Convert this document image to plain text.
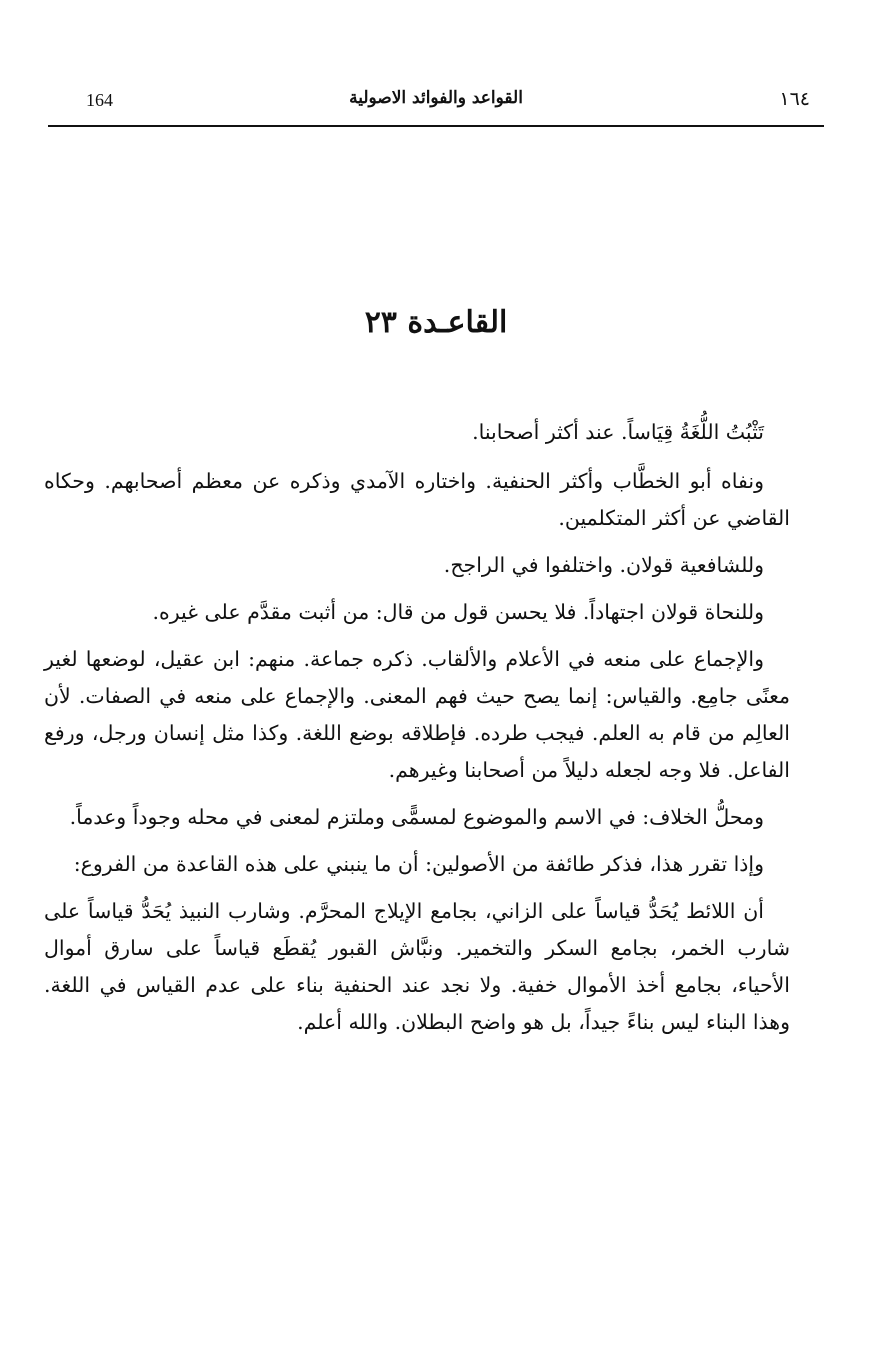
164	القواعد والفوائد الاصولية	١٦٤
القاعـدة ٢٣

تَثْبُتُ اللُّغَةُ قِيَاساً. عند أكثر أصحابنا.

ونفاه أبو الخطَّاب وأكثر الحنفية. واختاره الآمدي وذكره عن معظم أصحابهم. وحكاه القاضي عن أكثر المتكلمين.

وللشافعية قولان. واختلفوا في الراجح.

وللنحاة قولان اجتهاداً. فلا يحسن قول من قال: من أثبت مقدَّم على غيره.

والإجماع على منعه في الأعلام والألقاب. ذكره جماعة. منهم: ابن عقيل، لوضعها لغير معنًى جامِع. والقياس: إنما يصح حيث فهم المعنى. والإجماع على منعه في الصفات. لأن العالِم من قام به العلم. فيجب طرده. فإطلاقه بوضع اللغة. وكذا مثل إنسان ورجل، ورفع الفاعل. فلا وجه لجعله دليلاً من أصحابنا وغيرهم.

ومحلُّ الخلاف: في الاسم والموضوع لمسمًّى وملتزم لمعنى في محله وجوداً وعدماً.

وإذا تقرر هذا، فذكر طائفة من الأصولين: أن ما ينبني على هذه القاعدة من الفروع:

أن اللائط يُحَدُّ قياساً على الزاني، بجامع الإيلاج المحرَّم. وشارب النبيذ يُحَدُّ قياساً على شارب الخمر، بجامع السكر والتخمير. ونبَّاش القبور يُقطَع قياساً على سارق أموال الأحياء، بجامع أخذ الأموال خفية. ولا نجد عند الحنفية بناء على عدم القياس في اللغة. وهذا البناء ليس بناءً جيداً، بل هو واضح البطلان. والله أعلم.
